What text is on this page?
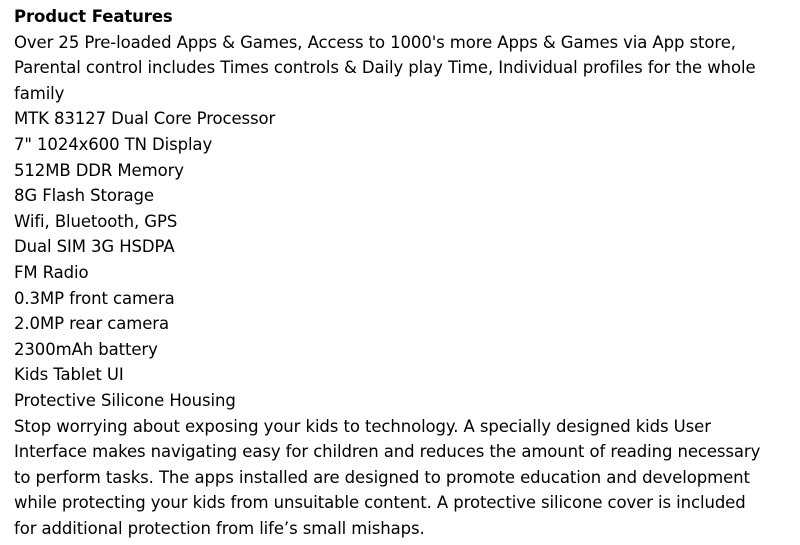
Product Features

Over 25 Pre-loaded Apps & Games, Access to 1000's more Apps & Games via App store,
Parental control includes Times controls & Daily play Time, Individual profiles for the whole
family
MTK 83127 Dual Core Processor
7" 1024x600 TN Display
512MB DDR Memory
8G Flash Storage
Wifi, Bluetooth, GPS
Dual SIM 3G HSDPA
FM Radio
0.3MP front camera
2.0MP rear camera
2300mAh battery
Kids Tablet UI
Protective Silicone Housing
Stop worrying about exposing your kids to technology. A specially designed kids User
Interface makes navigating easy for children and reduces the amount of reading necessary
to perform tasks. The apps installed are designed to promote education and development
while protecting your kids from unsuitable content. A protective silicone cover is included
for additional protection from life’s small mishaps.
